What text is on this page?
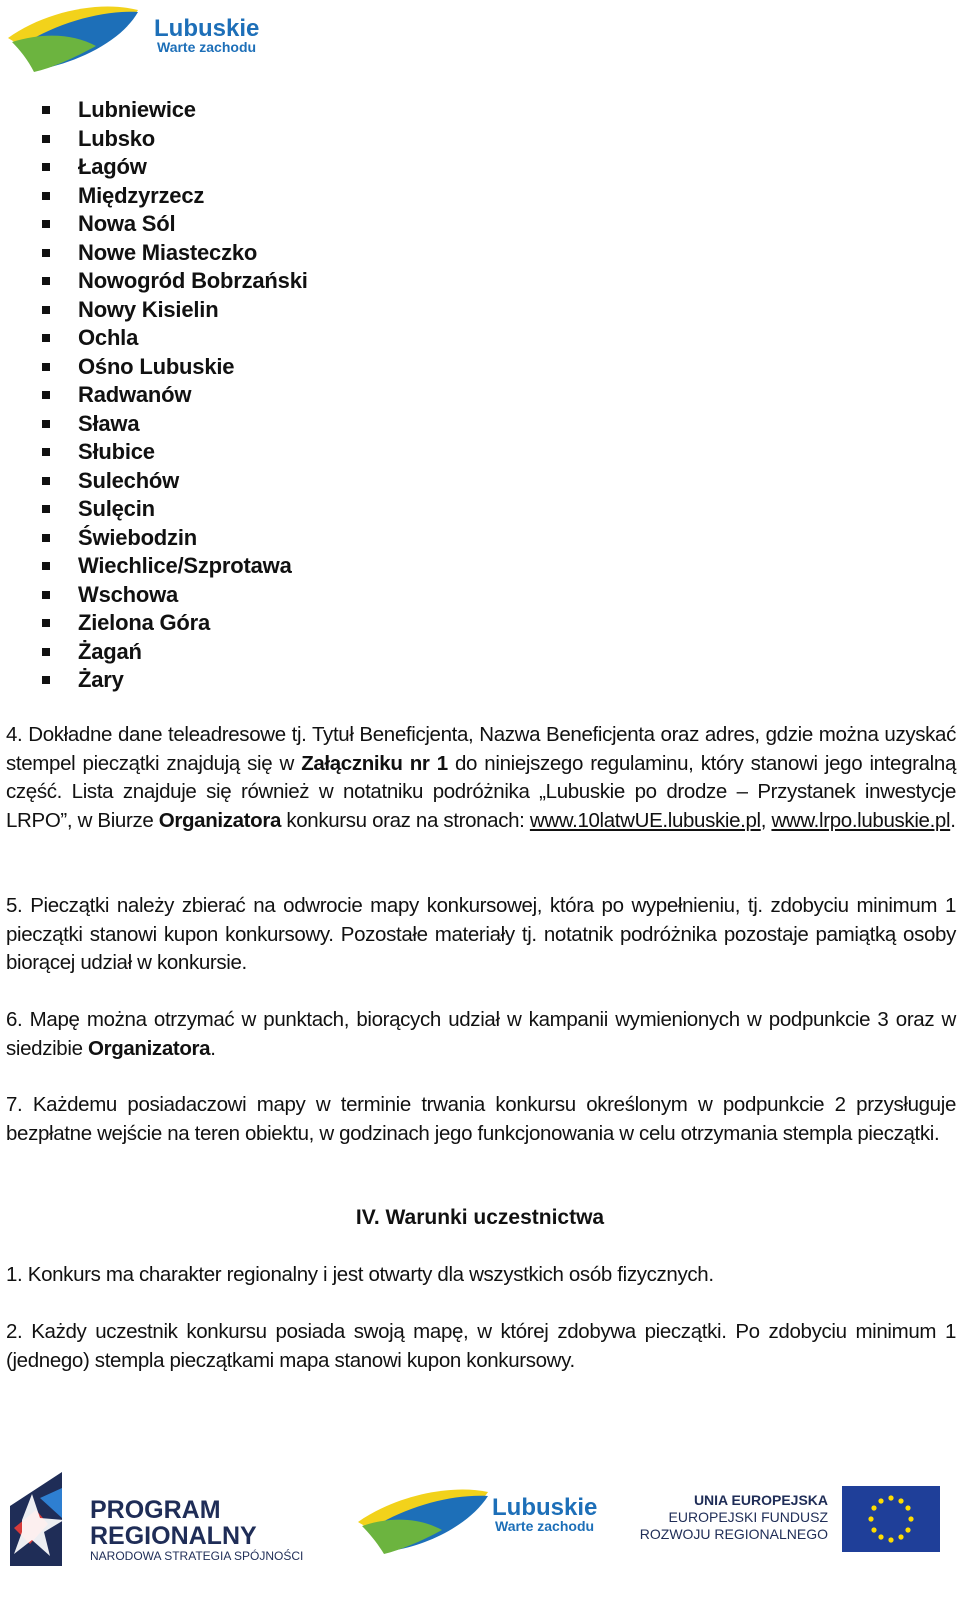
Lubuskie
Warte zachodu
Lubniewice
Lubsko
Łagów
Międzyrzecz
Nowa Sól
Nowe Miasteczko
Nowogród Bobrzański
Nowy Kisielin
Ochla
Ośno Lubuskie
Radwanów
Sława
Słubice
Sulechów
Sulęcin
Świebodzin
Wiechlice/Szprotawa
Wschowa
Zielona Góra
Żagań
Żary

4. Dokładne dane teleadresowe tj. Tytuł Beneficjenta, Nazwa Beneficjenta oraz adres, gdzie można uzyskać stempel pieczątki znajdują się w Załączniku nr 1 do niniejszego regulaminu, który stanowi jego integralną część. Lista znajduje się również w notatniku podróżnika „Lubuskie po drodze – Przystanek inwestycje LRPO”, w Biurze Organizatora konkursu oraz na stronach: www.10latwUE.lubuskie.pl, www.lrpo.lubuskie.pl.

5. Pieczątki należy zbierać na odwrocie mapy konkursowej, która po wypełnieniu, tj. zdobyciu minimum 1 pieczątki stanowi kupon konkursowy. Pozostałe materiały tj. notatnik podróżnika pozostaje pamiątką osoby biorącej udział w konkursie.

6. Mapę można otrzymać w punktach, biorących udział w kampanii wymienionych w podpunkcie 3 oraz w siedzibie Organizatora.

7. Każdemu posiadaczowi mapy w terminie trwania konkursu określonym w podpunkcie 2 przysługuje bezpłatne wejście na teren obiektu, w godzinach jego funkcjonowania w celu otrzymania stempla pieczątki.

IV. Warunki uczestnictwa

1. Konkurs ma charakter regionalny i jest otwarty dla wszystkich osób fizycznych.

2. Każdy uczestnik konkursu posiada swoją mapę, w której zdobywa pieczątki. Po zdobyciu minimum 1 (jednego) stempla pieczątkami mapa stanowi kupon konkursowy.

PROGRAM
REGIONALNY
NARODOWA STRATEGIA SPÓJNOŚCI
Lubuskie
Warte zachodu
UNIA EUROPEJSKA
EUROPEJSKI FUNDUSZ
ROZWOJU REGIONALNEGO
